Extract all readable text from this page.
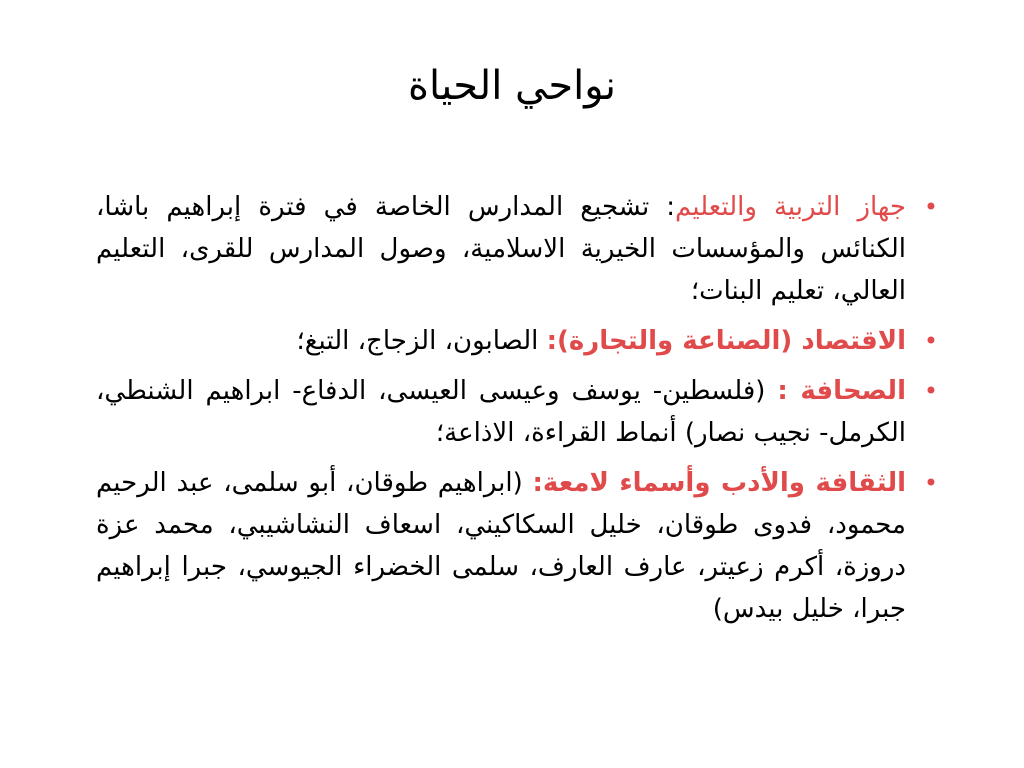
نواحي الحياة
•
جهاز التربية والتعليم: تشجيع المدارس الخاصة في فترة إبراهيم باشا، الكنائس والمؤسسات الخيرية الاسلامية، وصول المدارس للقرى، التعليم العالي، تعليم البنات؛
•
الاقتصاد (الصناعة والتجارة): الصابون، الزجاج، التبغ؛
•
الصحافة : (فلسطين- يوسف وعيسى العيسى، الدفاع- ابراهيم الشنطي، الكرمل- نجيب نصار) أنماط القراءة، الاذاعة؛
•
الثقافة والأدب وأسماء لامعة: (ابراهيم طوقان، أبو سلمى، عبد الرحيم محمود، فدوى طوقان، خليل السكاكيني، اسعاف النشاشيبي، محمد عزة دروزة، أكرم زعيتر، عارف العارف، سلمى الخضراء الجيوسي، جبرا إبراهيم جبرا، خليل بيدس)
